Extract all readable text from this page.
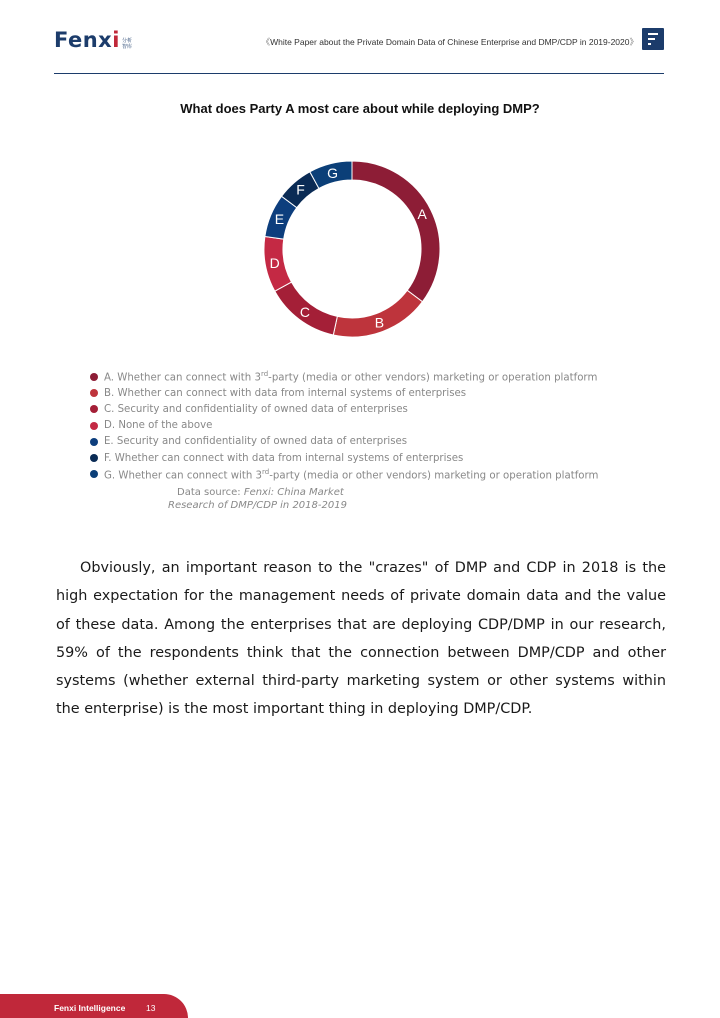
Fenxi 分析
智库	《White Paper about the Private Domain Data of Chinese Enterprise and DMP/CDP in 2019-2020》
What does Party A most care about while deploying DMP?
A
B
C
D
E
F
G
A. Whether can connect with 3rd-party (media or other vendors) marketing or operation platform
B. Whether can connect with data from internal systems of enterprises
C. Security and confidentiality of owned data of enterprises
D. None of the above
E. Security and confidentiality of owned data of enterprises
F. Whether can connect with data from internal systems of enterprises
G. Whether can connect with 3rd-party (media or other vendors) marketing or operation platform
Data source: Fenxi: China Market
Research of DMP/CDP in 2018-2019

Obviously, an important reason to the "crazes" of DMP and CDP in 2018 is the high expectation for the management needs of private domain data and the value of these data. Among the enterprises that are deploying CDP/DMP in our research, 59% of the respondents think that the connection between DMP/CDP and other systems (whether external third-party marketing system or other systems within the enterprise) is the most important thing in deploying DMP/CDP.

Fenxi Intelligence 13
